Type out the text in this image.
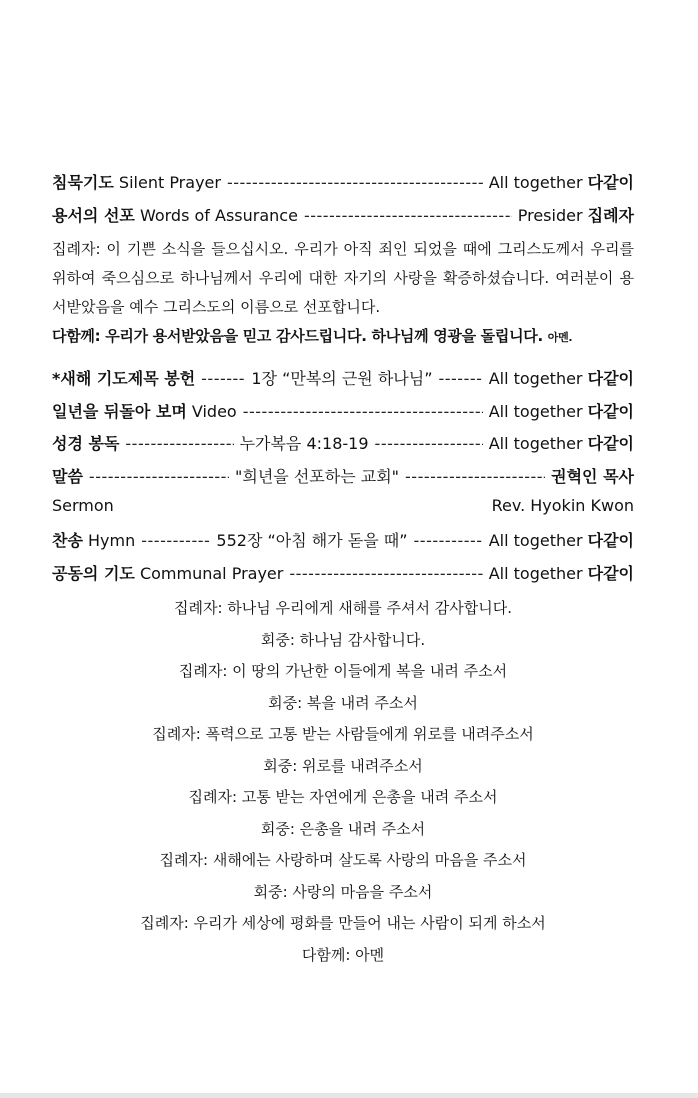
침묵기도 Silent Prayer -----	All together 다같이
용서의 선포 Words of Assurance -----	Presider 집례자

집례자: 이 기쁜 소식을 들으십시오. 우리가 아직 죄인 되었을 때에 그리스도께서 우리를 위하여 죽으심으로 하나님께서 우리에 대한 자기의 사랑을 확증하셨습니다. 여러분이 용서받았음을 예수 그리스도의 이름으로 선포합니다.

다함께: 우리가 용서받았음을 믿고 감사드립니다. 하나님께 영광을 돌립니다. 아멘.
*새해 기도제목 봉헌 -----	1장 “만복의 근원 하나님” -----	All together 다같이
일년을 뒤돌아 보며 Video -----	All together 다같이
성경 봉독 -----	누가복음 4:18-19 -----	All together 다같이
말씀 -----	"희년을 선포하는 교회" -----	권혁인 목사
Sermon	Rev. Hyokin Kwon
찬송 Hymn -----	552장 “아침 해가 돋을 때” -----	All together 다같이
공동의 기도 Communal Prayer -----	All together 다같이
집례자: 하나님 우리에게 새해를 주셔서 감사합니다.
회중: 하나님 감사합니다.
집례자: 이 땅의 가난한 이들에게 복을 내려 주소서
회중: 복을 내려 주소서
집례자: 폭력으로 고통 받는 사람들에게 위로를 내려주소서
회중: 위로를 내려주소서
집례자: 고통 받는 자연에게 은총을 내려 주소서
회중: 은총을 내려 주소서
집례자: 새해에는 사랑하며 살도록 사랑의 마음을 주소서
회중: 사랑의 마음을 주소서
집례자: 우리가 세상에 평화를 만들어 내는 사람이 되게 하소서
다함께: 아멘
